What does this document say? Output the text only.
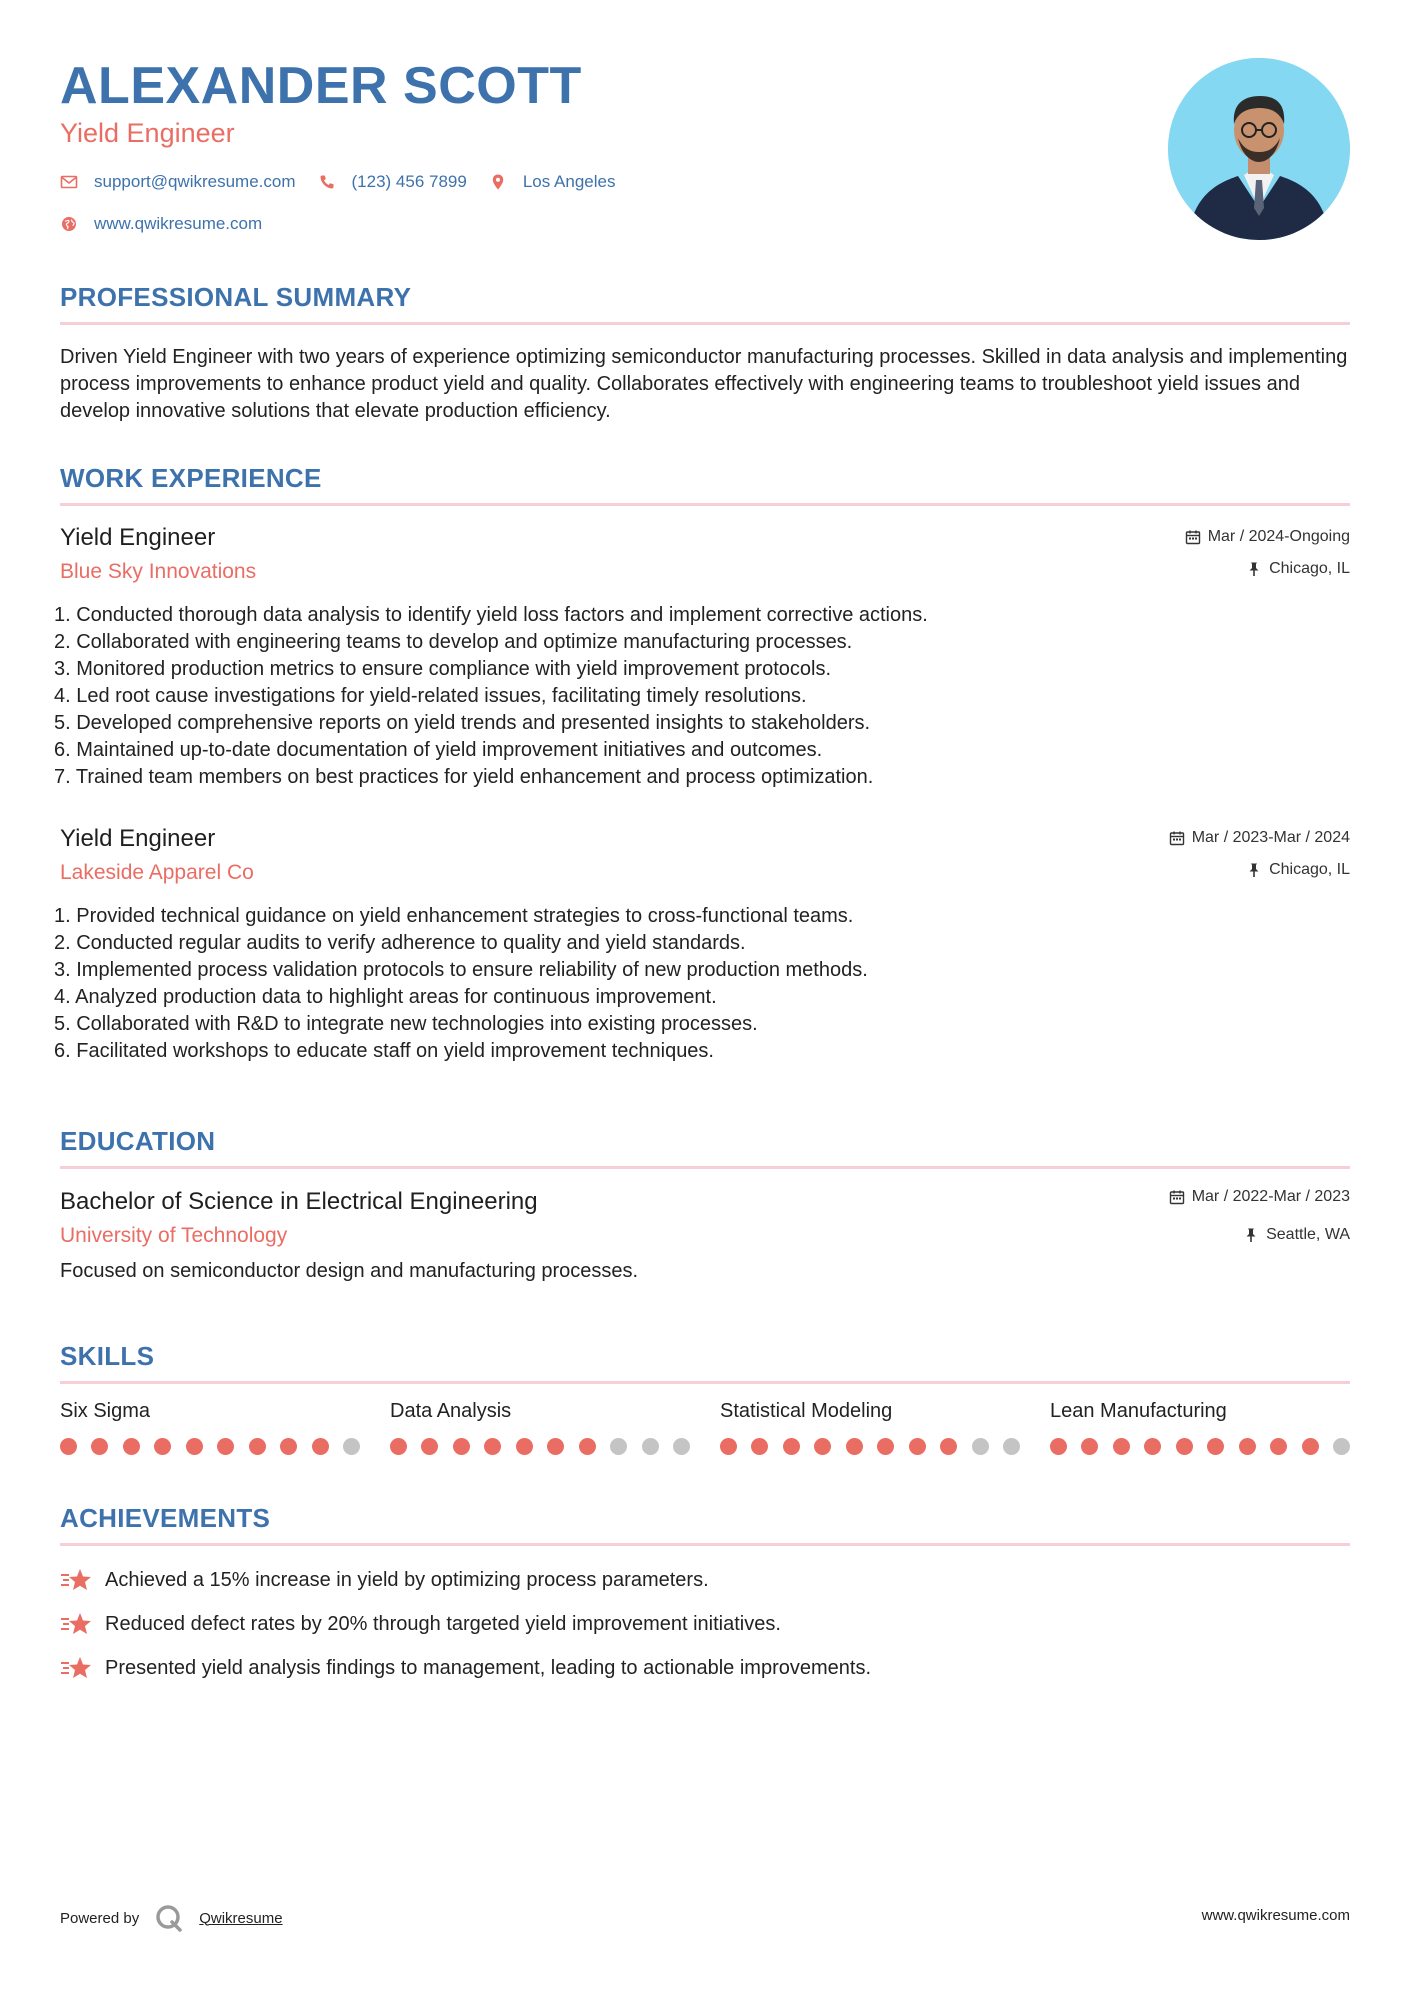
ALEXANDER SCOTT

Yield Engineer

support@qwikresume.com	(123) 456 7899	Los Angeles
www.qwikresume.com
PROFESSIONAL SUMMARY

Driven Yield Engineer with two years of experience optimizing semiconductor manufacturing processes. Skilled in data analysis and implementing process improvements to enhance product yield and quality. Collaborates effectively with engineering teams to troubleshoot yield issues and develop innovative solutions that elevate production efficiency.

WORK EXPERIENCE

Yield Engineer

Blue Sky Innovations

Mar / 2024-Ongoing
Chicago, IL
1. Conducted thorough data analysis to identify yield loss factors and implement corrective actions.
2. Collaborated with engineering teams to develop and optimize manufacturing processes.
3. Monitored production metrics to ensure compliance with yield improvement protocols.
4. Led root cause investigations for yield-related issues, facilitating timely resolutions.
5. Developed comprehensive reports on yield trends and presented insights to stakeholders.
6. Maintained up-to-date documentation of yield improvement initiatives and outcomes.
7. Trained team members on best practices for yield enhancement and process optimization.

Yield Engineer

Lakeside Apparel Co

Mar / 2023-Mar / 2024
Chicago, IL
1. Provided technical guidance on yield enhancement strategies to cross-functional teams.
2. Conducted regular audits to verify adherence to quality and yield standards.
3. Implemented process validation protocols to ensure reliability of new production methods.
4. Analyzed production data to highlight areas for continuous improvement.
5. Collaborated with R&D to integrate new technologies into existing processes.
6. Facilitated workshops to educate staff on yield improvement techniques.
EDUCATION

Bachelor of Science in Electrical Engineering

University of Technology

Mar / 2022-Mar / 2023
Seattle, WA

Focused on semiconductor design and manufacturing processes.

SKILLS

Six Sigma	Data Analysis	Statistical Modeling	Lean Manufacturing

ACHIEVEMENTS
Achieved a 15% increase in yield by optimizing process parameters.
Reduced defect rates by 20% through targeted yield improvement initiatives.
Presented yield analysis findings to management, leading to actionable improvements.
Powered by	Qwikresume	www.qwikresume.com
